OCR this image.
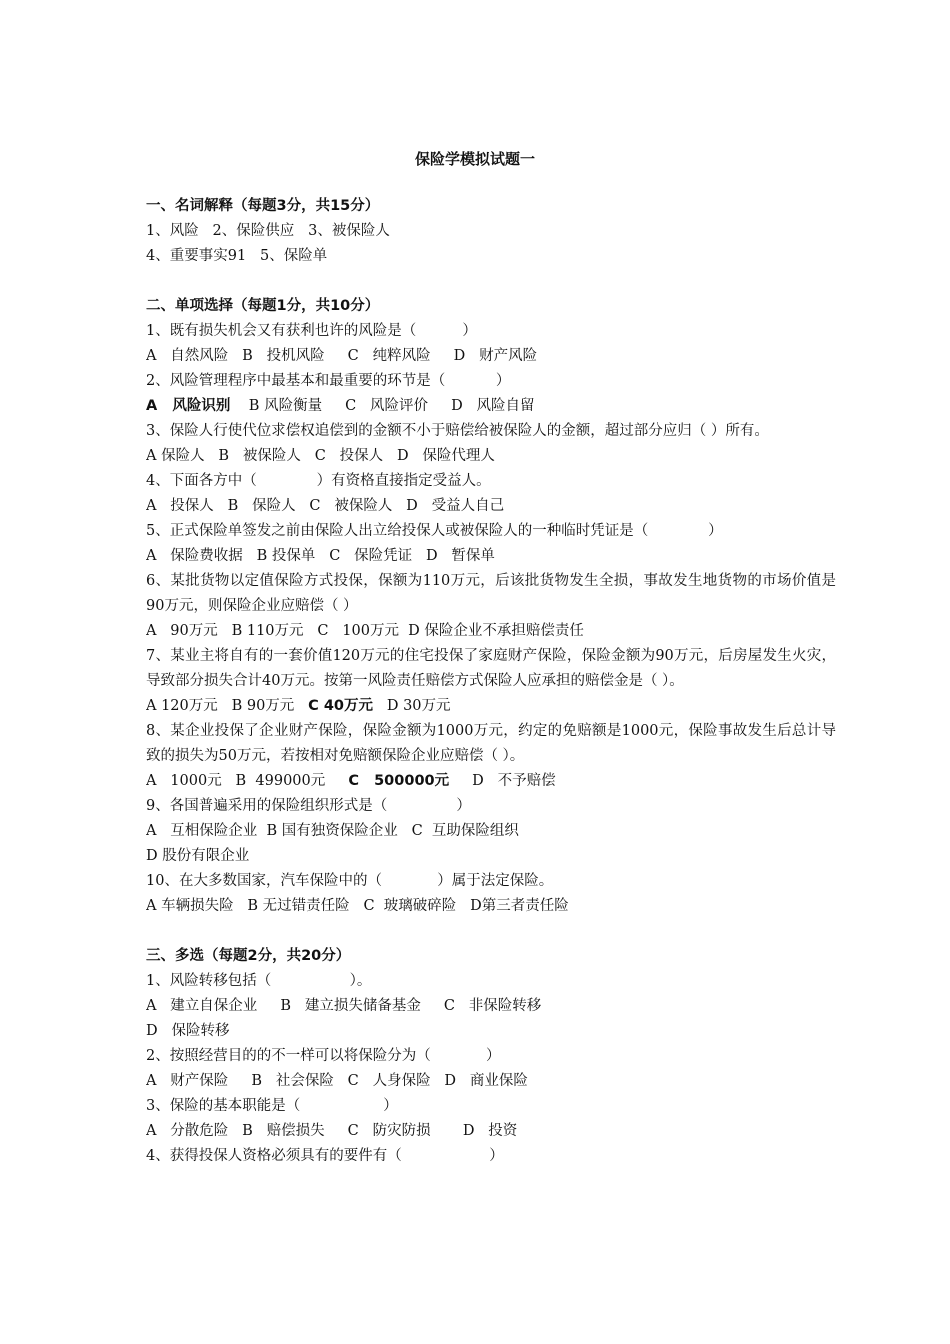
保险学模拟试题一
一、名词解释（每题3分，共15分）
1、风险   2、保险供应   3、被保险人
4、重要事实91   5、保险单
二、单项选择（每题1分，共10分）
1、既有损失机会又有获利也许的风险是（          ）
A   自然风险   B   投机风险     C   纯粹风险     D   财产风险
2、风险管理程序中最基本和最重要的环节是（           ）
A   风险识别    B 风险衡量     C   风险评价     D   风险自留
3、保险人行使代位求偿权追偿到的金额不小于赔偿给被保险人的金额，超过部分应归（ ）所有。
A 保险人   B   被保险人   C   投保人   D   保险代理人
4、下面各方中（             ）有资格直接指定受益人。
A   投保人   B   保险人   C   被保险人   D   受益人自己
5、正式保险单签发之前由保险人出立给投保人或被保险人的一种临时凭证是（             ）
A   保险费收据   B 投保单   C   保险凭证   D   暂保单
6、某批货物以定值保险方式投保，保额为110万元，后该批货物发生全损，事故发生地货物的市场价值是90万元，则保险企业应赔偿（ ）
A   90万元   B 110万元   C   100万元  D 保险企业不承担赔偿责任
7、某业主将自有的一套价值120万元的住宅投保了家庭财产保险，保险金额为90万元，后房屋发生火灾，导致部分损失合计40万元。按第一风险责任赔偿方式保险人应承担的赔偿金是（ ）。
A 120万元   B 90万元   C 40万元   D 30万元
8、某企业投保了企业财产保险，保险金额为1000万元，约定的免赔额是1000元，保险事故发生后总计导致的损失为50万元，若按相对免赔额保险企业应赔偿（ ）。
A   1000元   B  499000元     C   500000元     D   不予赔偿
9、各国普遍采用的保险组织形式是（               ）
A   互相保险企业  B 国有独资保险企业   C  互助保险组织
D 股份有限企业
10、在大多数国家，汽车保险中的（            ）属于法定保险。
A 车辆损失险   B 无过错责任险   C  玻璃破碎险   D第三者责任险
三、多选（每题2分，共20分）
1、风险转移包括（                 ）。
A   建立自保企业     B   建立损失储备基金     C   非保险转移
D   保险转移
2、按照经营目的的不一样可以将保险分为（            ）
A   财产保险     B   社会保险   C   人身保险   D   商业保险
3、保险的基本职能是（                  ）
A   分散危险   B   赔偿损失     C   防灾防损       D   投资
4、获得投保人资格必须具有的要件有（                   ）
